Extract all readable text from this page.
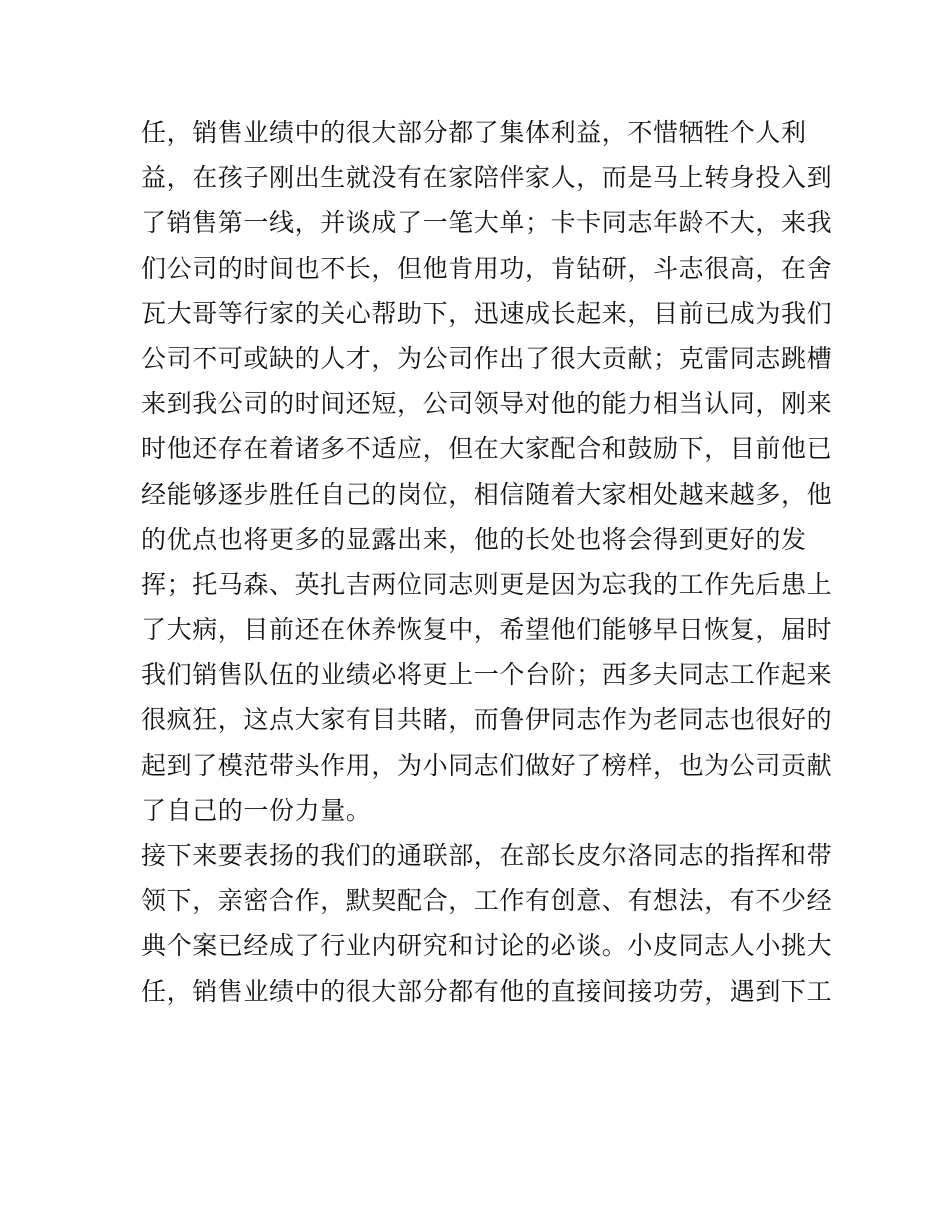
任，销售业绩中的很大部分都了集体利益，不惜牺牲个人利
益，在孩子刚出生就没有在家陪伴家人，而是马上转身投入到
了销售第一线，并谈成了一笔大单；卡卡同志年龄不大，来我
们公司的时间也不长，但他肯用功，肯钻研，斗志很高，在舍
瓦大哥等行家的关心帮助下，迅速成长起来，目前已成为我们
公司不可或缺的人才，为公司作出了很大贡献；克雷同志跳槽
来到我公司的时间还短，公司领导对他的能力相当认同，刚来
时他还存在着诸多不适应，但在大家配合和鼓励下，目前他已
经能够逐步胜任自己的岗位，相信随着大家相处越来越多，他
的优点也将更多的显露出来，他的长处也将会得到更好的发
挥；托马森、英扎吉两位同志则更是因为忘我的工作先后患上
了大病，目前还在休养恢复中，希望他们能够早日恢复，届时
我们销售队伍的业绩必将更上一个台阶；西多夫同志工作起来
很疯狂，这点大家有目共睹，而鲁伊同志作为老同志也很好的
起到了模范带头作用，为小同志们做好了榜样，也为公司贡献
了自己的一份力量。
接下来要表扬的我们的通联部，在部长皮尔洛同志的指挥和带
领下，亲密合作，默契配合，工作有创意、有想法，有不少经
典个案已经成了行业内研究和讨论的必谈。小皮同志人小挑大
任，销售业绩中的很大部分都有他的直接间接功劳，遇到下工
